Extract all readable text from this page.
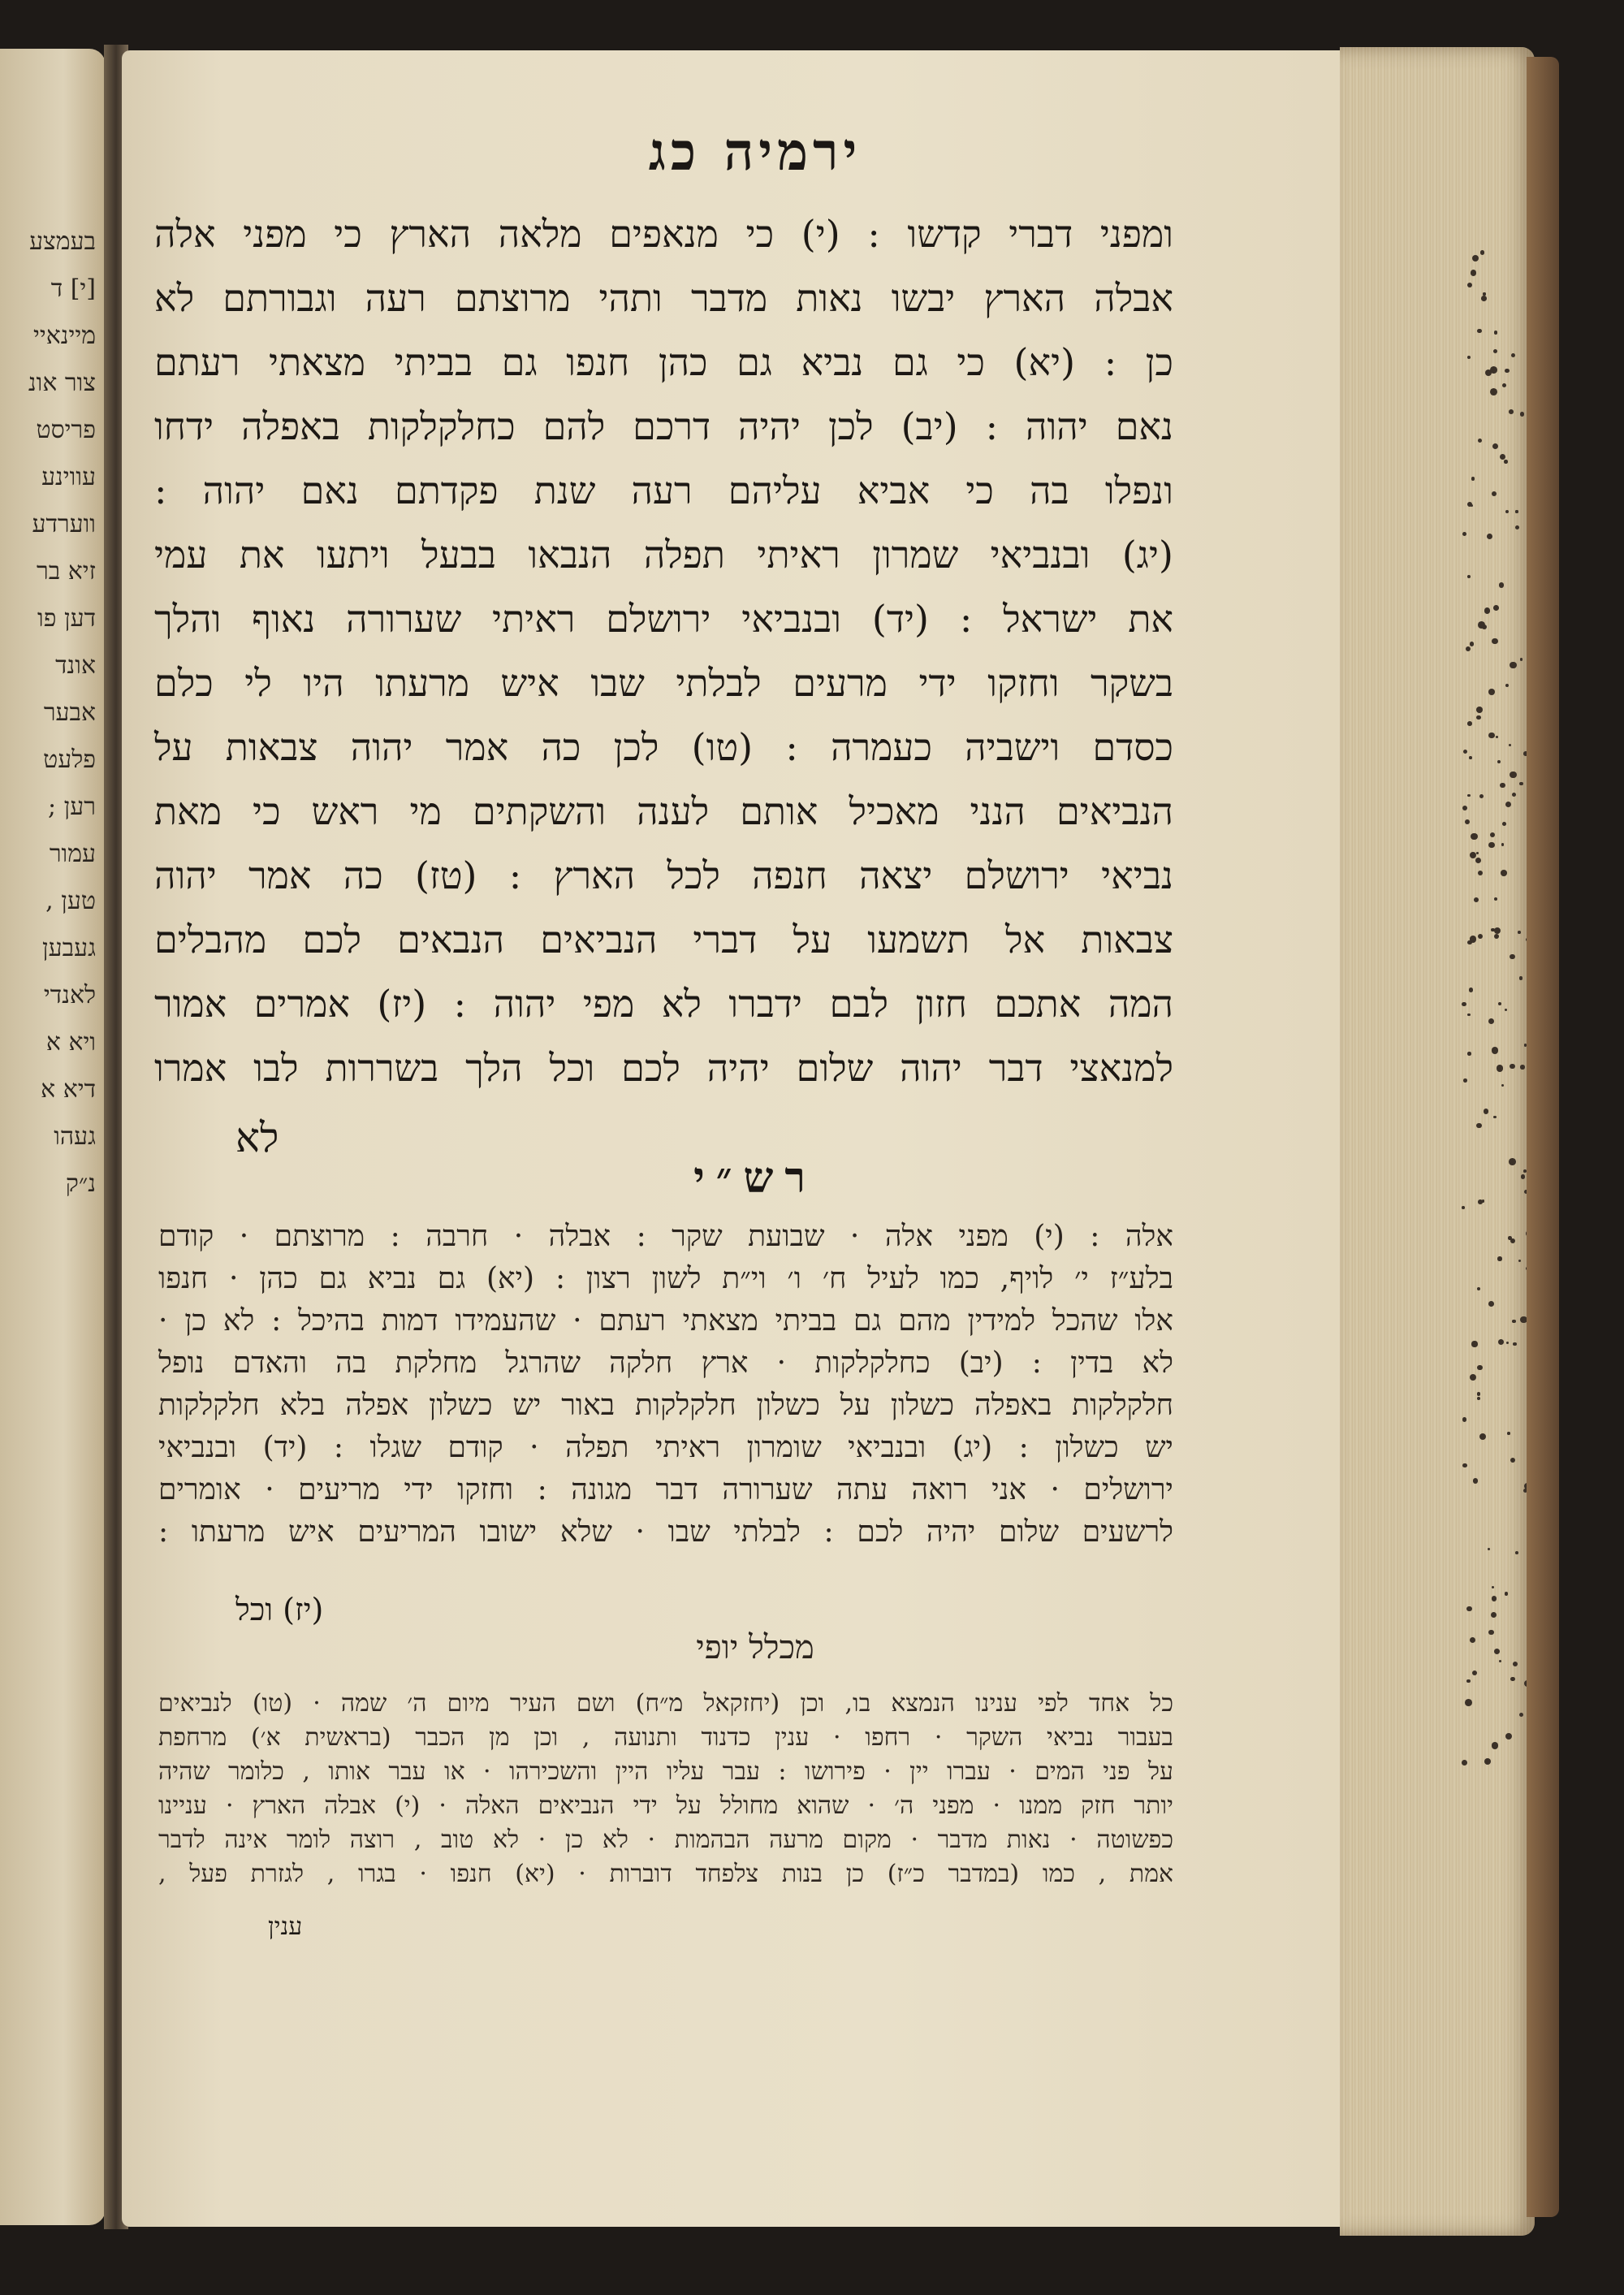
בעמצע
[י] ד
מיינאיי
צור אונ
פריסט
עווינע
ווערדע
זיא בר
דען פו
אונד
אבער
פלעט
רען ;
עמור
טען ,
געבען
לאנדי
ויא א
דיא א
געהו
נ״ק
ירמיה כג
ומפני דברי קדשו : (י) כי מנאפים מלאה הארץ כי מפני אלה
אבלה הארץ יבשו נאות מדבר ותהי מרוצתם רעה וגבורתם לא
כן : (יא) כי גם נביא גם כהן חנפו גם בביתי מצאתי רעתם
נאם יהוה : (יב) לכן יהיה דרכם להם כחלקלקות באפלה ידחו
ונפלו בה כי אביא עליהם רעה שנת פקדתם נאם יהוה :
(יג) ובנביאי שמרון ראיתי תפלה הנבאו בבעל ויתעו את עמי
את ישראל : (יד) ובנביאי ירושלם ראיתי שערורה נאוף והלך
בשקר וחזקו ידי מרעים לבלתי שבו איש מרעתו היו לי כלם
כסדם וישביה כעמרה : (טו) לכן כה אמר יהוה צבאות על
הנביאים הנני מאכיל אותם לענה והשקתים מי ראש כי מאת
נביאי ירושלם יצאה חנפה לכל הארץ : (טז) כה אמר יהוה
צבאות אל תשמעו על דברי הנביאים הנבאים לכם מהבלים
המה אתכם חזון לבם ידברו לא מפי יהוה : (יז) אמרים אמור
למנאצי דבר יהוה שלום יהיה לכם וכל הלך בשררות לבו אמרו
לא
רש״י
אלה : (י) מפני אלה · שבועת שקר : אבלה · חרבה : מרוצתם · קודם
בלע״ז י׳ לויף, כמו לעיל ח׳ ו׳ וי״ת לשון רצון : (יא) גם נביא גם כהן · חנפו
אלו שהכל למידין מהם גם בביתי מצאתי רעתם · שהעמידו דמות בהיכל : לא כן ·
לא בדין : (יב) כחלקלקות · ארץ חלקה שהרגל מחלקת בה והאדם נופל
חלקלקות באפלה כשלון על כשלון חלקלקות באור יש כשלון אפלה בלא חלקלקות
יש כשלון : (יג) ובנביאי שומרון ראיתי תפלה · קודם שגלו : (יד) ובנביאי
ירושלים · אני רואה עתה שערורה דבר מגונה : וחזקו ידי מריעים · אומרים
לרשעים שלום יהיה לכם : לבלתי שבו · שלא ישובו המריעים איש מרעתו :
(יז) וכל
מכלל יופי
כל אחד לפי ענינו הנמצא בו, וכן (יחזקאל מ״ח) ושם העיר מיום ה׳ שמה · (טו) לנביאים
בעבור נביאי השקר · רחפו · ענין כדנוד ותנועה , וכן מן הכבר (בראשית א׳) מרחפת
על פני המים · עברו יין · פירושו : עבר עליו היין והשכירהו · או עבר אותו , כלומר שהיה
יותר חזק ממנו · מפני ה׳ · שהוא מחולל על ידי הנביאים האלה · (י) אבלה הארץ · עניינו
כפשוטה · נאות מדבר · מקום מרעה הבהמות · לא כן · לא טוב , רוצה לומר אינה לדבר
אמת , כמו (במדבר כ״ז) כן בנות צלפחד דוברות · (יא) חנפו · בגרו , לגזרת פעל ,
ענין
